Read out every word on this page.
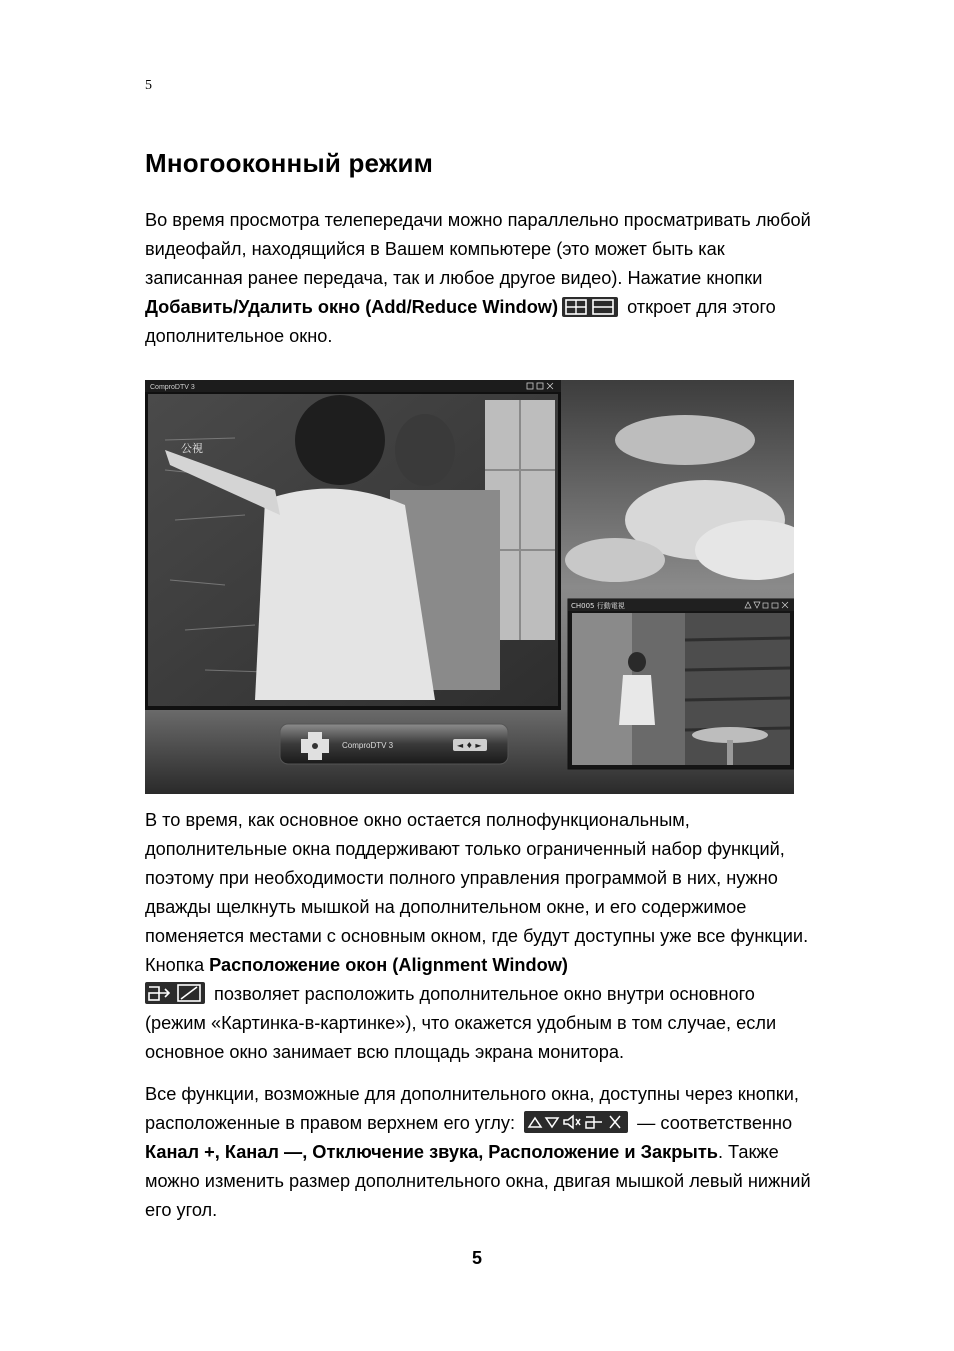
5
Многооконный режим

Во время просмотра телепередачи можно параллельно просматривать любой видеофайл, находящийся в Вашем компьютере (это может быть как записанная ранее передача, так и любое другое видео). Нажатие кнопки Добавить/Удалить окно (Add/Reduce Window)	откроет для этого дополнительное окно.

ComproDTV 3
公視
ComproDTV 3	◄ ♦ ►
CH005 行動電視

В то время, как основное окно остается полнофункциональным, дополнительные окна поддерживают только ограниченный набор функций, поэтому при необходимости полного управления программой в них, нужно дважды щелкнуть мышкой на дополнительном окне, и его содержимое поменяется местами с основным окном, где будут доступны уже все функции. Кнопка Расположение окон (Alignment Window)

позволяет расположить дополнительное окно внутри основного (режим «Картинка-в-картинке»), что окажется удобным в том случае, если основное окно занимает всю площадь экрана монитора.

Все функции, возможные для дополнительного окна, доступны через кнопки, расположенные в правом верхнем его углу:	— соответственно Канал +, Канал —, Отключение звука, Расположение и Закрыть. Также можно изменить размер дополнительного окна, двигая мышкой левый нижний его угол.

5
